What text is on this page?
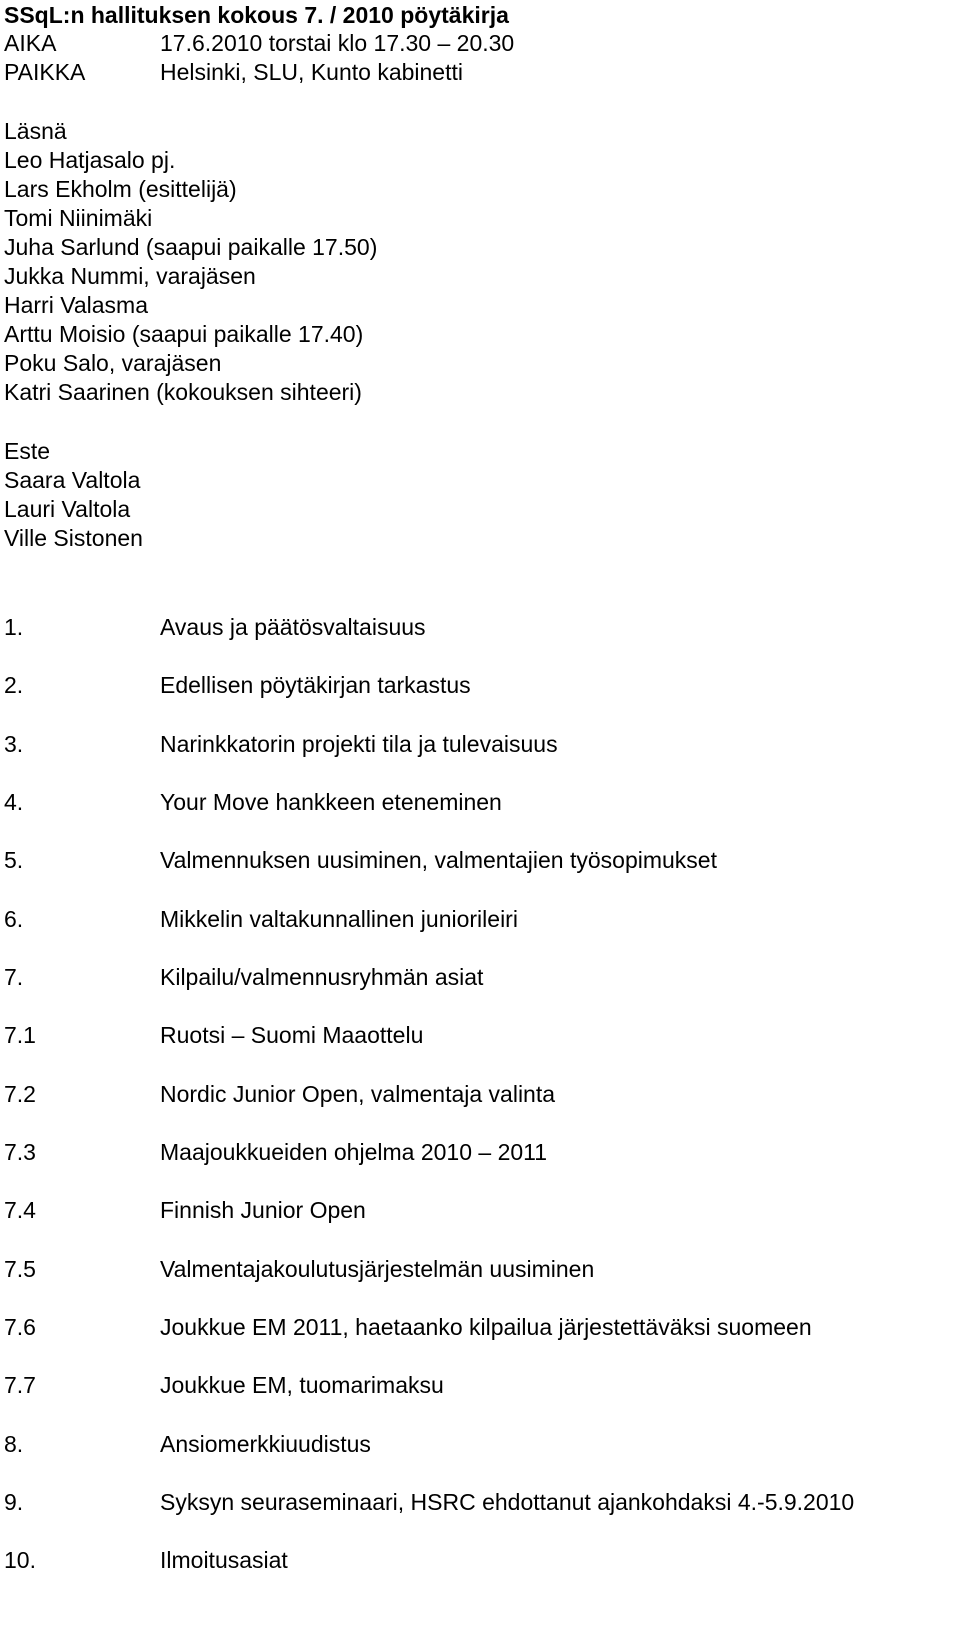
SSqL:n hallituksen kokous 7. / 2010 pöytäkirja
AIKA	17.6.2010 torstai klo 17.30 – 20.30
PAIKKA	Helsinki, SLU, Kunto kabinetti
Läsnä
Leo Hatjasalo pj.
Lars Ekholm (esittelijä)
Tomi Niinimäki
Juha Sarlund (saapui paikalle 17.50)
Jukka Nummi, varajäsen
Harri Valasma
Arttu Moisio (saapui paikalle 17.40)
Poku Salo, varajäsen
Katri Saarinen (kokouksen sihteeri)
Este
Saara Valtola
Lauri Valtola
Ville Sistonen
1.	Avaus ja päätösvaltaisuus
2.	Edellisen pöytäkirjan tarkastus
3.	Narinkkatorin projekti tila ja tulevaisuus
4.	Your Move hankkeen eteneminen
5.	Valmennuksen uusiminen, valmentajien työsopimukset
6.	Mikkelin valtakunnallinen juniorileiri
7.	Kilpailu/valmennusryhmän asiat
7.1	Ruotsi – Suomi Maaottelu
7.2	Nordic Junior Open, valmentaja valinta
7.3	Maajoukkueiden ohjelma 2010 – 2011
7.4	Finnish Junior Open
7.5	Valmentajakoulutusjärjestelmän uusiminen
7.6	Joukkue EM 2011, haetaanko kilpailua järjestettäväksi suomeen
7.7	Joukkue EM, tuomarimaksu
8.	Ansiomerkkiuudistus
9.	Syksyn seuraseminaari, HSRC ehdottanut ajankohdaksi 4.-5.9.2010
10.	Ilmoitusasiat
